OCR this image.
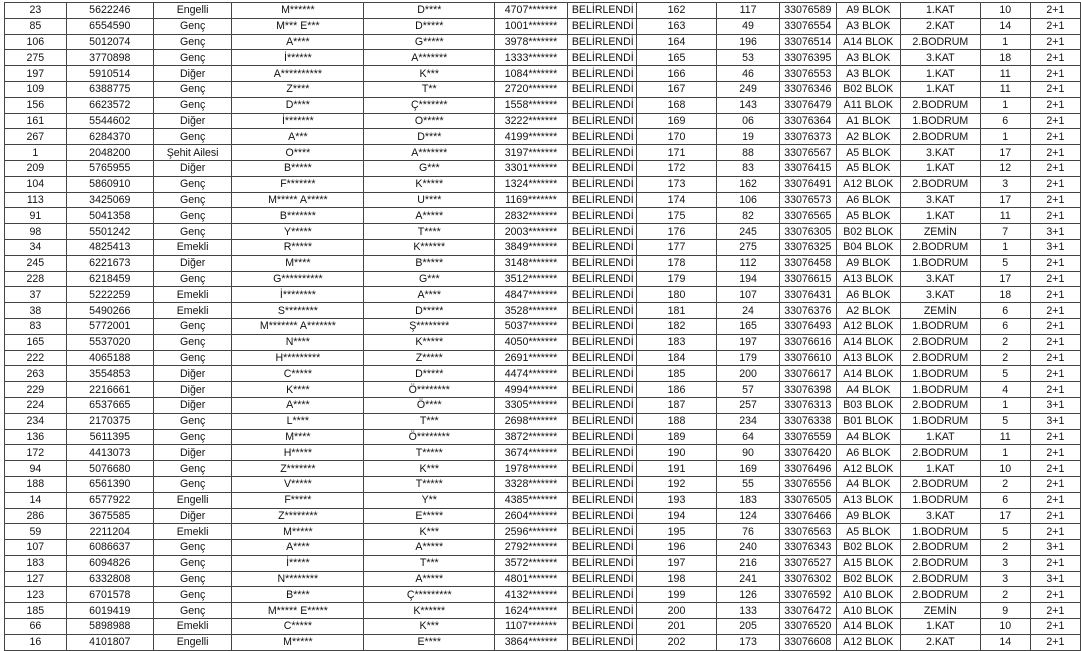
23	5622246	Engelli	M******	D****	4707*******	BELİRLENDİ	162	117	33076589	A9 BLOK	1.KAT	10	2+1
85	6554590	Genç	M*** E***	D*****	1001*******	BELİRLENDİ	163	49	33076554	A3 BLOK	2.KAT	14	2+1
106	5012074	Genç	A****	G*****	3978*******	BELİRLENDİ	164	196	33076514	A14 BLOK	2.BODRUM	1	2+1
275	3770898	Genç	İ******	A*******	1333*******	BELİRLENDİ	165	53	33076395	A3 BLOK	3.KAT	18	2+1
197	5910514	Diğer	A**********	K***	1084*******	BELİRLENDİ	166	46	33076553	A3 BLOK	1.KAT	11	2+1
109	6388775	Genç	Z****	T**	2720*******	BELİRLENDİ	167	249	33076346	B02 BLOK	1.KAT	11	2+1
156	6623572	Genç	D****	Ç*******	1558*******	BELİRLENDİ	168	143	33076479	A11 BLOK	2.BODRUM	1	2+1
161	5544602	Diğer	İ*******	O*****	3222*******	BELİRLENDİ	169	06	33076364	A1 BLOK	1.BODRUM	6	2+1
267	6284370	Genç	A***	D****	4199*******	BELİRLENDİ	170	19	33076373	A2 BLOK	2.BODRUM	1	2+1
1	2048200	Şehit Ailesi	O****	A*******	3197*******	BELİRLENDİ	171	88	33076567	A5 BLOK	3.KAT	17	2+1
209	5765955	Diğer	B*****	G***	3301*******	BELİRLENDİ	172	83	33076415	A5 BLOK	1.KAT	12	2+1
104	5860910	Genç	F*******	K*****	1324*******	BELİRLENDİ	173	162	33076491	A12 BLOK	2.BODRUM	3	2+1
113	3425069	Genç	M***** A*****	U****	1169*******	BELİRLENDİ	174	106	33076573	A6 BLOK	3.KAT	17	2+1
91	5041358	Genç	B*******	A*****	2832*******	BELİRLENDİ	175	82	33076565	A5 BLOK	1.KAT	11	2+1
98	5501242	Genç	Y*****	T****	2003*******	BELİRLENDİ	176	245	33076305	B02 BLOK	ZEMİN	7	3+1
34	4825413	Emekli	R*****	K******	3849*******	BELİRLENDİ	177	275	33076325	B04 BLOK	2.BODRUM	1	3+1
245	6221673	Diğer	M****	B*****	3148*******	BELİRLENDİ	178	112	33076458	A9 BLOK	1.BODRUM	5	2+1
228	6218459	Genç	G**********	G***	3512*******	BELİRLENDİ	179	194	33076615	A13 BLOK	3.KAT	17	2+1
37	5222259	Emekli	İ********	A****	4847*******	BELİRLENDİ	180	107	33076431	A6 BLOK	3.KAT	18	2+1
38	5490266	Emekli	S********	D*****	3528*******	BELİRLENDİ	181	24	33076376	A2 BLOK	ZEMİN	6	2+1
83	5772001	Genç	M******* A*******	Ş********	5037*******	BELİRLENDİ	182	165	33076493	A12 BLOK	1.BODRUM	6	2+1
165	5537020	Genç	N****	K*****	4050*******	BELİRLENDİ	183	197	33076616	A14 BLOK	2.BODRUM	2	2+1
222	4065188	Genç	H*********	Z*****	2691*******	BELİRLENDİ	184	179	33076610	A13 BLOK	2.BODRUM	2	2+1
263	3554853	Diğer	C*****	D*****	4474*******	BELİRLENDİ	185	200	33076617	A14 BLOK	1.BODRUM	5	2+1
229	2216661	Diğer	K****	Ö********	4994*******	BELİRLENDİ	186	57	33076398	A4 BLOK	1.BODRUM	4	2+1
224	6537665	Diğer	A****	Ö****	3305*******	BELİRLENDİ	187	257	33076313	B03 BLOK	2.BODRUM	1	3+1
234	2170375	Genç	L****	T***	2698*******	BELİRLENDİ	188	234	33076338	B01 BLOK	1.BODRUM	5	3+1
136	5611395	Genç	M****	Ö********	3872*******	BELİRLENDİ	189	64	33076559	A4 BLOK	1.KAT	11	2+1
172	4413073	Diğer	H*****	T*****	3674*******	BELİRLENDİ	190	90	33076420	A6 BLOK	2.BODRUM	1	2+1
94	5076680	Genç	Z*******	K***	1978*******	BELİRLENDİ	191	169	33076496	A12 BLOK	1.KAT	10	2+1
188	6561390	Genç	V*****	T*****	3328*******	BELİRLENDİ	192	55	33076556	A4 BLOK	2.BODRUM	2	2+1
14	6577922	Engelli	F*****	Y**	4385*******	BELİRLENDİ	193	183	33076505	A13 BLOK	1.BODRUM	6	2+1
286	3675585	Diğer	Z********	E*****	2604*******	BELİRLENDİ	194	124	33076466	A9 BLOK	3.KAT	17	2+1
59	2211204	Emekli	M*****	K***	2596*******	BELİRLENDİ	195	76	33076563	A5 BLOK	1.BODRUM	5	2+1
107	6086637	Genç	A****	A*****	2792*******	BELİRLENDİ	196	240	33076343	B02 BLOK	2.BODRUM	2	3+1
183	6094826	Genç	İ*****	T***	3572*******	BELİRLENDİ	197	216	33076527	A15 BLOK	2.BODRUM	3	2+1
127	6332808	Genç	N********	A*****	4801*******	BELİRLENDİ	198	241	33076302	B02 BLOK	2.BODRUM	3	3+1
123	6701578	Genç	B****	Ç*********	4132*******	BELİRLENDİ	199	126	33076592	A10 BLOK	2.BODRUM	2	2+1
185	6019419	Genç	M***** E*****	K******	1624*******	BELİRLENDİ	200	133	33076472	A10 BLOK	ZEMİN	9	2+1
66	5898988	Emekli	C*****	K***	1107*******	BELİRLENDİ	201	205	33076520	A14 BLOK	1.KAT	10	2+1
16	4101807	Engelli	M*****	E****	3864*******	BELİRLENDİ	202	173	33076608	A12 BLOK	2.KAT	14	2+1
